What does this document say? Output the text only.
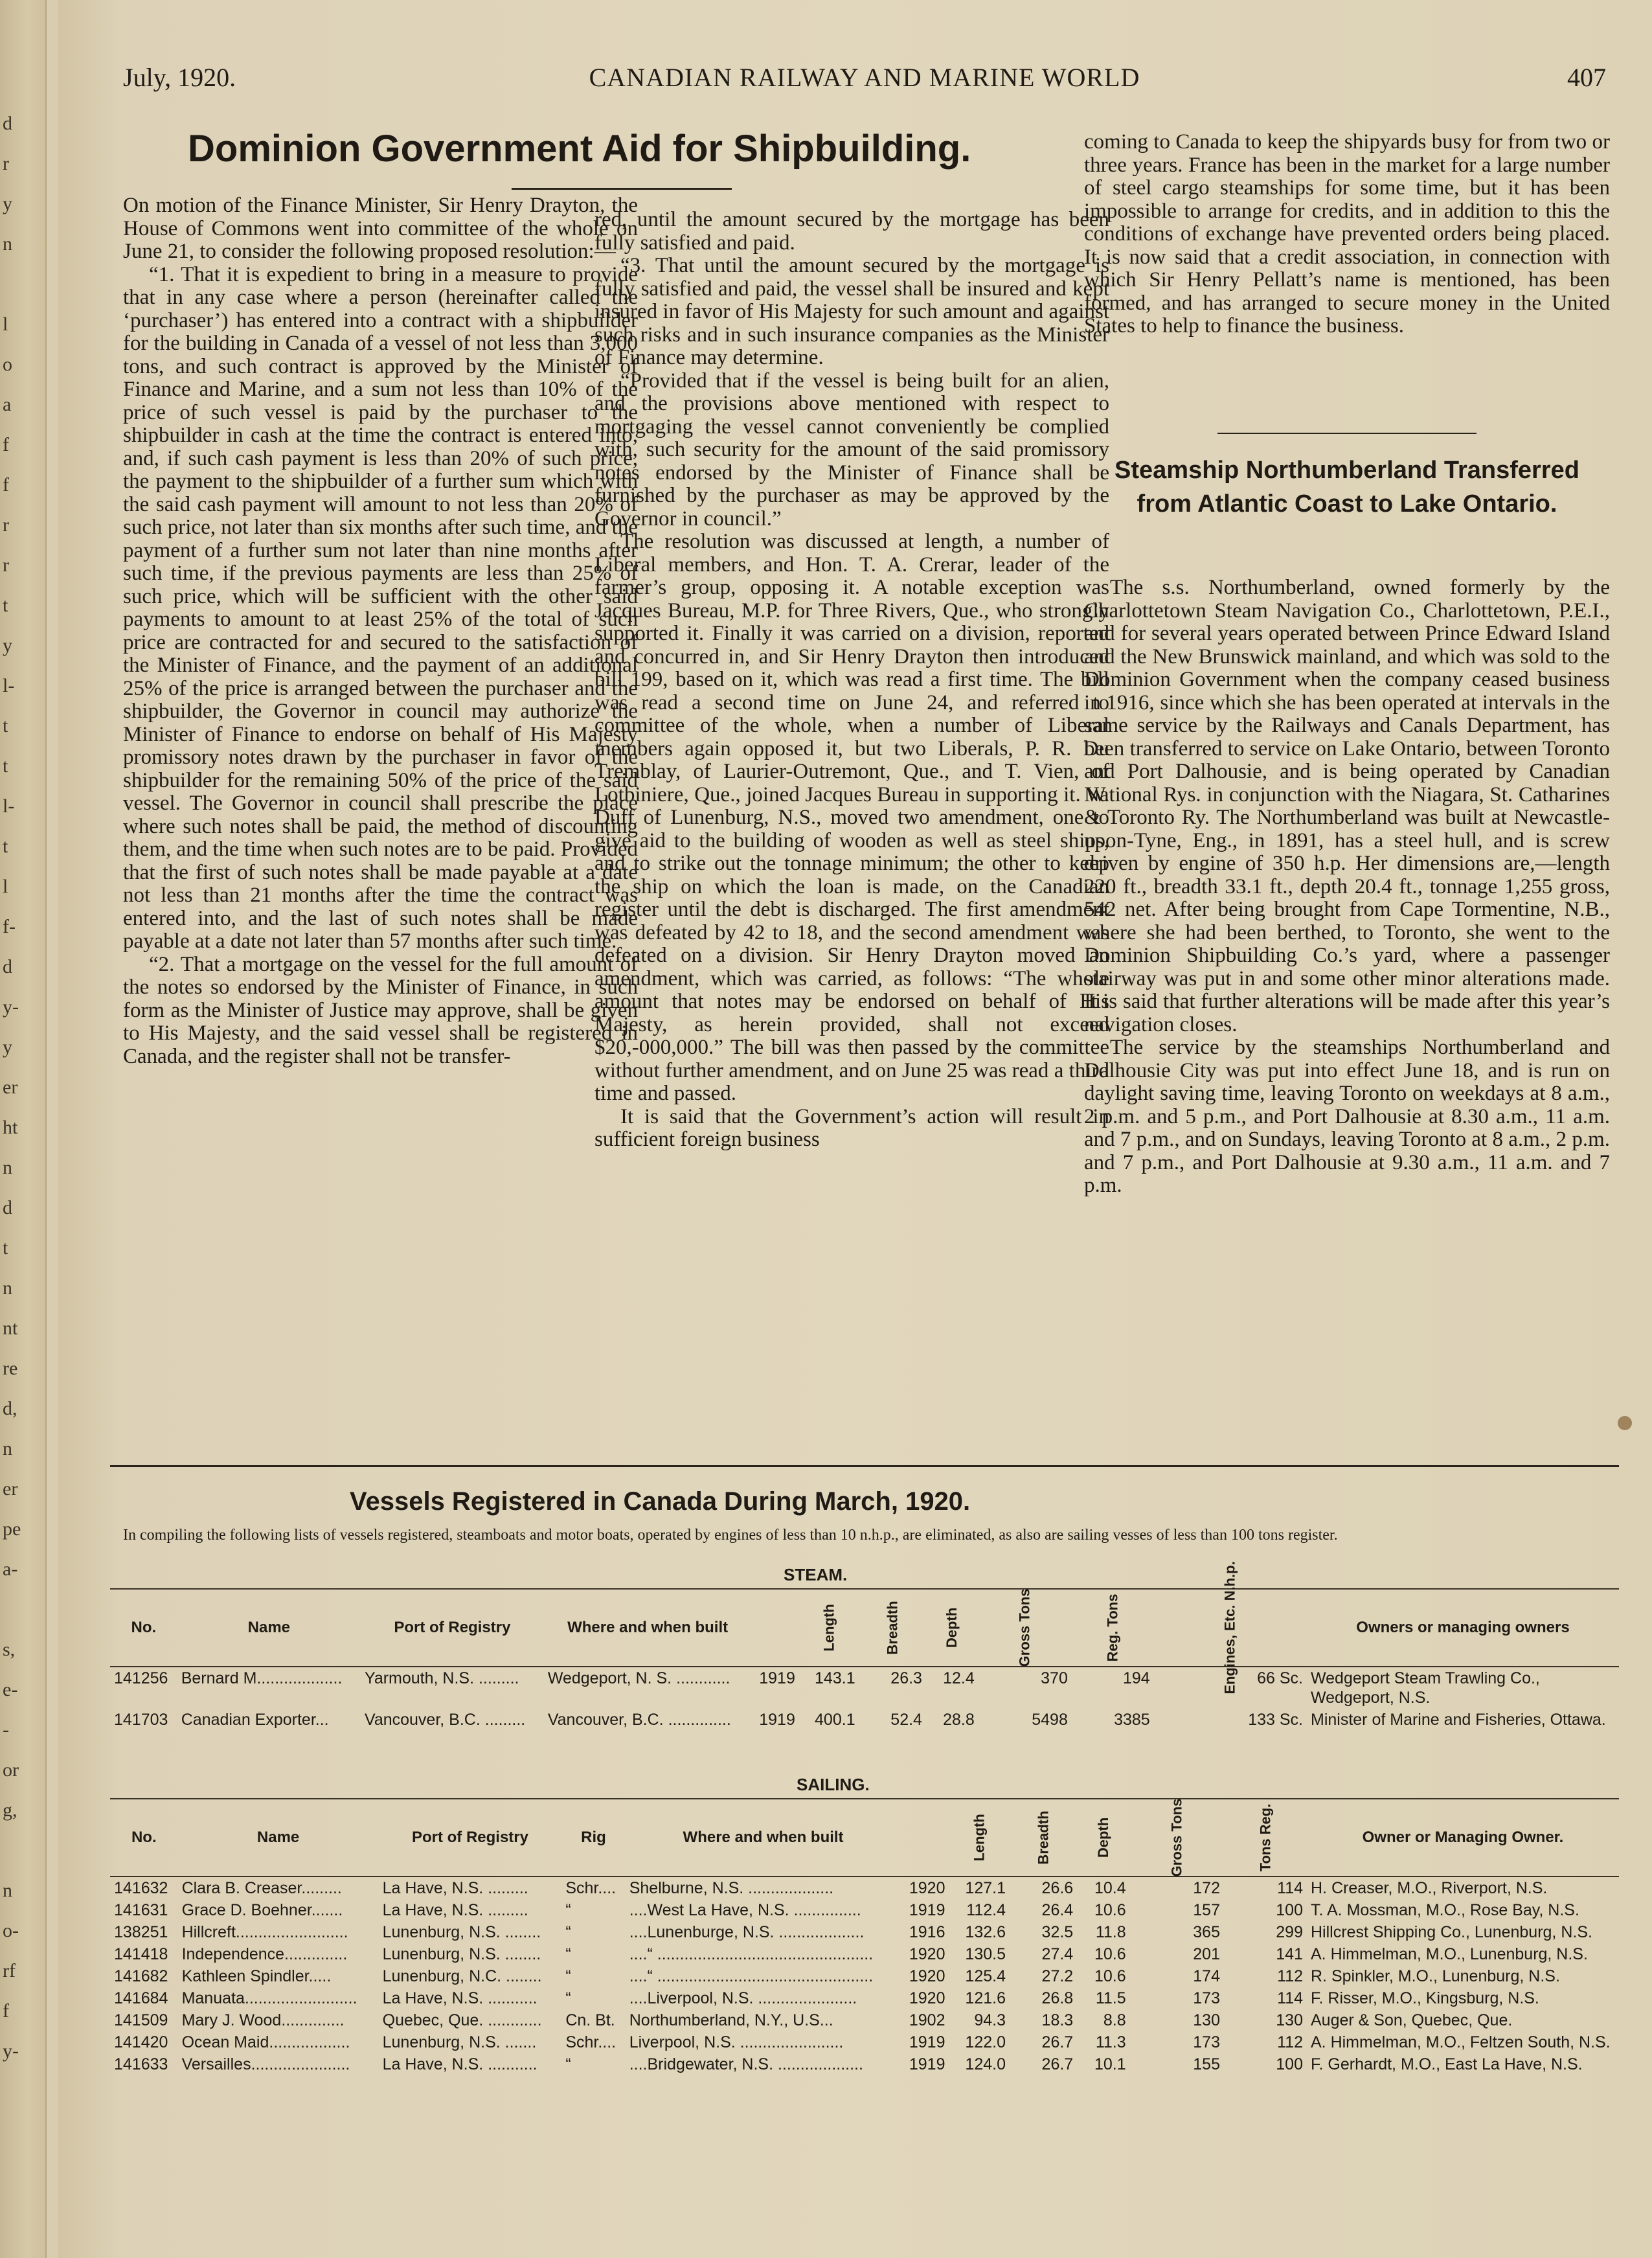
d
r
y
n
l
o
a
f
f
r
r
t
y
l-
t
t
l-
t
l
f-
d
y-
y
er
ht
n
d
t
n
nt
re
d,
n
er
pe
a-
s,
e-
-
or
g,
n
o-
rf
f
y-
July, 1920.	CANADIAN RAILWAY AND MARINE WORLD	407
Dominion Government Aid for Shipbuilding.

On motion of the Finance Minister, Sir Henry Drayton, the House of Commons went into committee of the whole on June 21, to consider the following proposed resolution:—

“1. That it is expedient to bring in a measure to provide that in any case where a person (hereinafter called the ‘purchaser’) has entered into a contract with a shipbuilder for the building in Canada of a vessel of not less than 3,000 tons, and such contract is approved by the Minister of Finance and Marine, and a sum not less than 10% of the price of such vessel is paid by the purchaser to the shipbuilder in cash at the time the contract is entered into, and, if such cash payment is less than 20% of such price, the payment to the shipbuilder of a further sum which with the said cash payment will amount to not less than 20% of such price, not later than six months after such time, and the payment of a further sum not later than nine months after such time, if the previous payments are less than 25% of such price, which will be sufficient with the other said payments to amount to at least 25% of the total of such price are contracted for and secured to the satisfaction of the Minister of Finance, and the payment of an additional 25% of the price is arranged between the purchaser and the shipbuilder, the Governor in council may authorize the Minister of Finance to endorse on behalf of His Majesty promissory notes drawn by the purchaser in favor of the shipbuilder for the remaining 50% of the price of the said vessel. The Governor in council shall prescribe the place where such notes shall be paid, the method of discounting them, and the time when such notes are to be paid. Provided that the first of such notes shall be made payable at a date not less than 21 months after the time the contract was entered into, and the last of such notes shall be made payable at a date not later than 57 months after such time.

“2. That a mortgage on the vessel for the full amount of the notes so endorsed by the Minister of Finance, in such form as the Minister of Justice may approve, shall be given to His Majesty, and the said vessel shall be registered in Canada, and the register shall not be transfer-

red, until the amount secured by the mortgage has been fully satisfied and paid.

“3. That until the amount secured by the mortgage is fully satisfied and paid, the vessel shall be insured and kept insured in favor of His Majesty for such amount and against such risks and in such insurance companies as the Minister of Finance may determine.

“Provided that if the vessel is being built for an alien, and the provisions above mentioned with respect to mortgaging the vessel cannot conveniently be complied with, such security for the amount of the said promissory notes endorsed by the Minister of Finance shall be furnished by the purchaser as may be approved by the Governor in council.”

The resolution was discussed at length, a number of Liberal members, and Hon. T. A. Crerar, leader of the farmer’s group, opposing it. A notable exception was Jacques Bureau, M.P. for Three Rivers, Que., who strongly supported it. Finally it was carried on a division, reported and concurred in, and Sir Henry Drayton then introduced bill 199, based on it, which was read a first time. The bill was read a second time on June 24, and referred to committee of the whole, when a number of Liberal members again opposed it, but two Liberals, P. R. Du Tremblay, of Laurier-Outremont, Que., and T. Vien, of Lotbiniere, Que., joined Jacques Bureau in supporting it. W. Duff of Lunenburg, N.S., moved two amendment, one to give aid to the building of wooden as well as steel ships, and to strike out the tonnage minimum; the other to keep the ship on which the loan is made, on the Canadian register until the debt is discharged. The first amendment was defeated by 42 to 18, and the second amendment was defeated on a division. Sir Henry Drayton moved an amendment, which was carried, as follows: “The whole amount that notes may be endorsed on behalf of His Majesty, as herein provided, shall not exceed $20,-000,000.” The bill was then passed by the committee without further amendment, and on June 25 was read a third time and passed.

It is said that the Government’s action will result in sufficient foreign business

coming to Canada to keep the shipyards busy for from two or three years. France has been in the market for a large number of steel cargo steamships for some time, but it has been impossible to arrange for credits, and in addition to this the conditions of exchange have prevented orders being placed. It is now said that a credit association, in connection with which Sir Henry Pellatt’s name is mentioned, has been formed, and has arranged to secure money in the United States to help to finance the business.

Steamship Northumberland Transferred from Atlantic Coast to Lake Ontario.

The s.s. Northumberland, owned formerly by the Charlottetown Steam Navigation Co., Charlottetown, P.E.I., and for several years operated between Prince Edward Island and the New Brunswick mainland, and which was sold to the Dominion Government when the company ceased business in 1916, since which she has been operated at intervals in the same service by the Railways and Canals Department, has been transferred to service on Lake Ontario, between Toronto and Port Dalhousie, and is being operated by Canadian National Rys. in conjunction with the Niagara, St. Catharines & Toronto Ry. The Northumberland was built at Newcastle-upon-Tyne, Eng., in 1891, has a steel hull, and is screw driven by engine of 350 h.p. Her dimensions are,—length 220 ft., breadth 33.1 ft., depth 20.4 ft., tonnage 1,255 gross, 542 net. After being brought from Cape Tormentine, N.B., where she had been berthed, to Toronto, she went to the Dominion Shipbuilding Co.’s yard, where a passenger stairway was put in and some other minor alterations made. It is said that further alterations will be made after this year’s navigation closes.

The service by the steamships Northumberland and Dalhousie City was put into effect June 18, and is run on daylight saving time, leaving Toronto on weekdays at 8 a.m., 2 p.m. and 5 p.m., and Port Dalhousie at 8.30 a.m., 11 a.m. and 7 p.m., and on Sundays, leaving Toronto at 8 a.m., 2 p.m. and 7 p.m., and Port Dalhousie at 9.30 a.m., 11 a.m. and 7 p.m.

Vessels Registered in Canada During March, 1920.
In compiling the following lists of vessels registered, steamboats and motor boats, operated by engines of less than 10 n.h.p., are eliminated, as also are sailing vesses of less than 100 tons register.
STEAM.
No.	Name	Port of Registry	Where and when built		Length	Breadth	Depth	Gross Tons	Reg. Tons	Engines, Etc. N.h.p.	Owners or managing owners
141256	Bernard M...................	Yarmouth, N.S. .........	Wedgeport, N. S. ............	1919	143.1	26.3	12.4	370	194	66 Sc.	Wedgeport Steam Trawling Co., Wedgeport, N.S.
141703	Canadian Exporter...	Vancouver, B.C. .........	Vancouver, B.C. ..............	1919	400.1	52.4	28.8	5498	3385	133 Sc.	Minister of Marine and Fisheries, Ottawa.
SAILING.
No.	Name	Port of Registry	Rig	Where and when built		Length	Breadth	Depth	Gross Tons	Tons Reg.	Owner or Managing Owner.
141632	Clara B. Creaser.........	La Have, N.S. .........	Schr....	Shelburne, N.S. ...................	1920	127.1	26.6	10.4	172	114	H. Creaser, M.O., Riverport, N.S.
141631	Grace D. Boehner.......	La Have, N.S. .........	“	....West La Have, N.S. ...............	1919	112.4	26.4	10.6	157	100	T. A. Mossman, M.O., Rose Bay, N.S.
138251	Hillcreft.........................	Lunenburg, N.S. ........	“	....Lunenburge, N.S. ...................	1916	132.6	32.5	11.8	365	299	Hillcrest Shipping Co., Lunenburg, N.S.
141418	Independence..............	Lunenburg, N.S. ........	“	....“ ................................................	1920	130.5	27.4	10.6	201	141	A. Himmelman, M.O., Lunenburg, N.S.
141682	Kathleen Spindler.....	Lunenburg, N.C. ........	“	....“ ................................................	1920	125.4	27.2	10.6	174	112	R. Spinkler, M.O., Lunenburg, N.S.
141684	Manuata.........................	La Have, N.S. ...........	“	....Liverpool, N.S. ......................	1920	121.6	26.8	11.5	173	114	F. Risser, M.O., Kingsburg, N.S.
141509	Mary J. Wood..............	Quebec, Que. ............	Cn. Bt.	Northumberland, N.Y., U.S...	1902	94.3	18.3	8.8	130	130	Auger & Son, Quebec, Que.
141420	Ocean Maid..................	Lunenburg, N.S. .......	Schr....	Liverpool, N.S. .......................	1919	122.0	26.7	11.3	173	112	A. Himmelman, M.O., Feltzen South, N.S.
141633	Versailles......................	La Have, N.S. ...........	“	....Bridgewater, N.S. ...................	1919	124.0	26.7	10.1	155	100	F. Gerhardt, M.O., East La Have, N.S.
